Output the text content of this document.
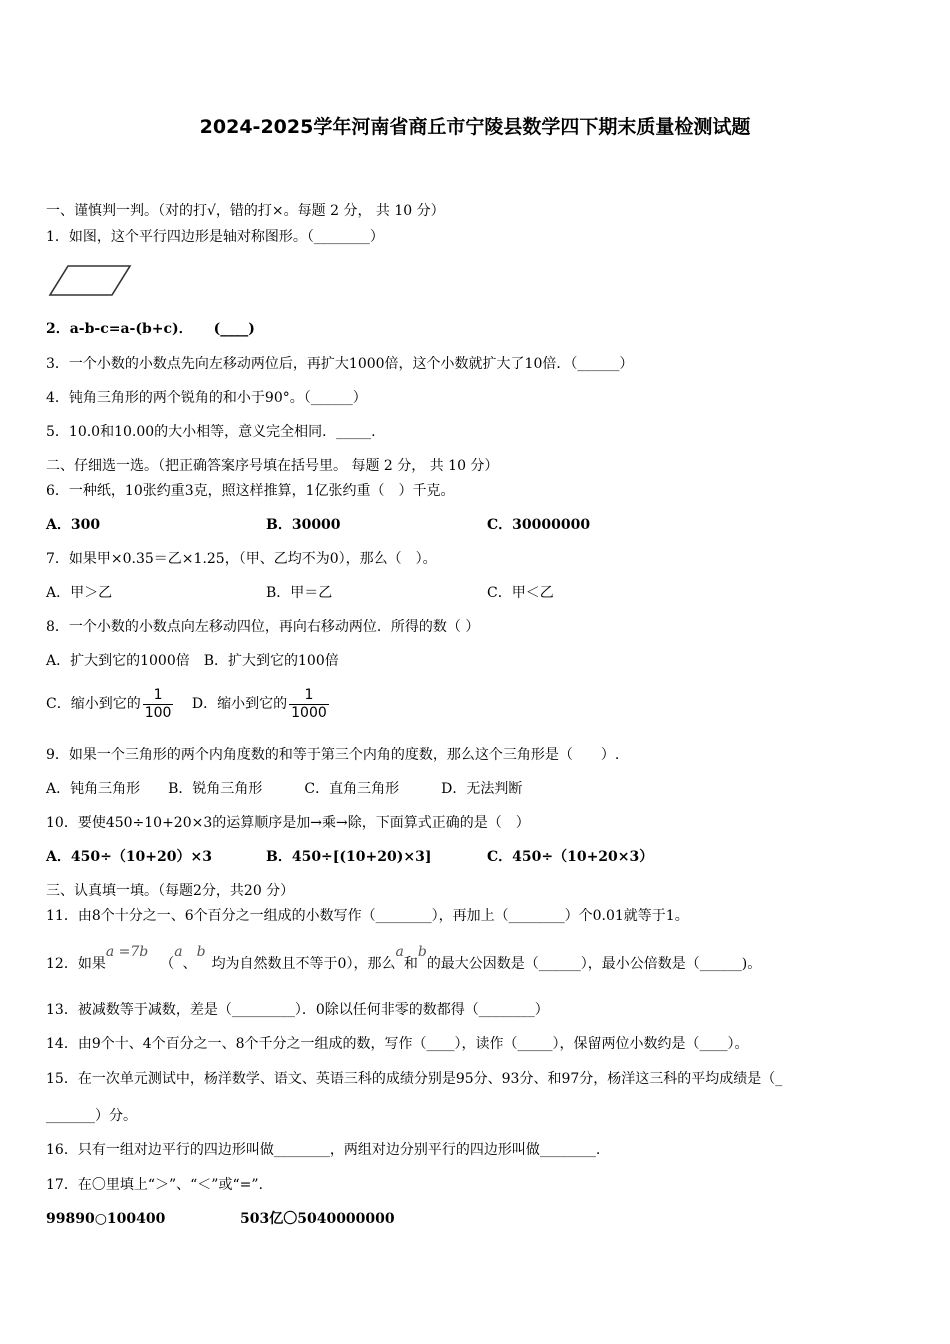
2024-2025学年河南省商丘市宁陵县数学四下期末质量检测试题
一、谨慎判一判。（对的打√，错的打×。每题 2 分， 共 10 分）
1．如图，这个平行四边形是轴对称图形。（________）
2．a-b-c=a-(b+c)．　　(____)
3．一个小数的小数点先向左移动两位后，再扩大1000倍，这个小数就扩大了10倍．（______）
4．钝角三角形的两个锐角的和小于90°。（______）
5．10.0和10.00的大小相等，意义完全相同．_____.
二、仔细选一选。（把正确答案序号填在括号里。 每题 2 分， 共 10 分）
6．一种纸，10张约重3克，照这样推算，1亿张约重（　）千克。
A．300	B．30000	C．30000000
7．如果甲×0.35＝乙×1.25，（甲、乙均不为0），那么（　）。
A．甲＞乙	B．甲＝乙	C．甲＜乙
8．一个小数的小数点向左移动四位，再向右移动两位．所得的数（ ）
A．扩大到它的1000倍　B．扩大到它的100倍
C．缩小到它的 $\frac{1}{100}$ D．缩小到它的 $\frac{1}{1000}$
9．如果一个三角形的两个内角度数的和等于第三个内角的度数，那么这个三角形是（　　）.
A．钝角三角形　　B．锐角三角形　　　C．直角三角形　　　D．无法判断
10．要使450÷10+20×3的运算顺序是加→乘→除，下面算式正确的是（　）
A．450÷（10+20）×3	B．450÷[(10+20)×3]	C．450÷（10+20×3）
三、认真填一填。（每题2分，共20 分）
11．由8个十分之一、6个百分之一组成的小数写作（________），再加上（________）个0.01就等于1。
12．如果a =7b（a、b均为自然数且不等于0），那么a和b的最大公因数是（______），最小公倍数是（______)。
13．被减数等于减数，差是（_________）．0除以任何非零的数都得（________）
14．由9个十、4个百分之一、8个千分之一组成的数，写作（____），读作（_____），保留两位小数约是（____）。
15．在一次单元测试中，杨洋数学、语文、英语三科的成绩分别是95分、93分、和97分，杨洋这三科的平均成绩是（_
_______）分。
16．只有一组对边平行的四边形叫做________，两组对边分别平行的四边形叫做________.
17．在〇里填上“＞”、“＜”或“=”.
99890○100400	503亿〇5040000000
